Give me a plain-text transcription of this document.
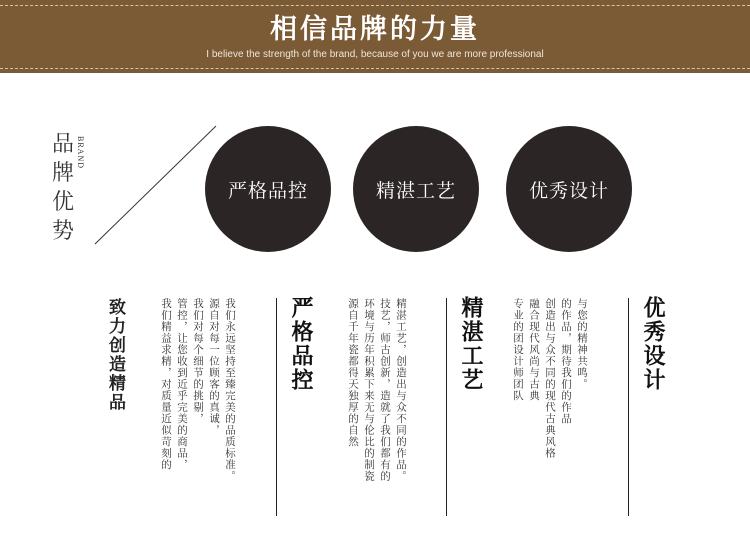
相信品牌的力量
I believe the strength of the brand, because of you we are more professional
品
牌
优
势
BRAND
严格品控	精湛工艺	优秀设计
致力创造精品	我们永远坚持至臻完美的品质标准。
源自对每一位顾客的真诚，
我们对每个细节的挑剔，
管控，让您收到近乎完美的商品，
我们精益求精，对质量近似苛刻的	严格品控	精湛工艺，创造出与众不同的作品。
技艺，师古创新，造就了我们都有的
环境与历年积累下来无与伦比的制瓷
源自千年瓷都得天独厚的自然	精湛工艺	与您的精神共鸣。
的作品，期待我们的作品
创造出与众不同的现代古典风格
融合现代风尚与古典
专业的团设计师团队	优秀设计
